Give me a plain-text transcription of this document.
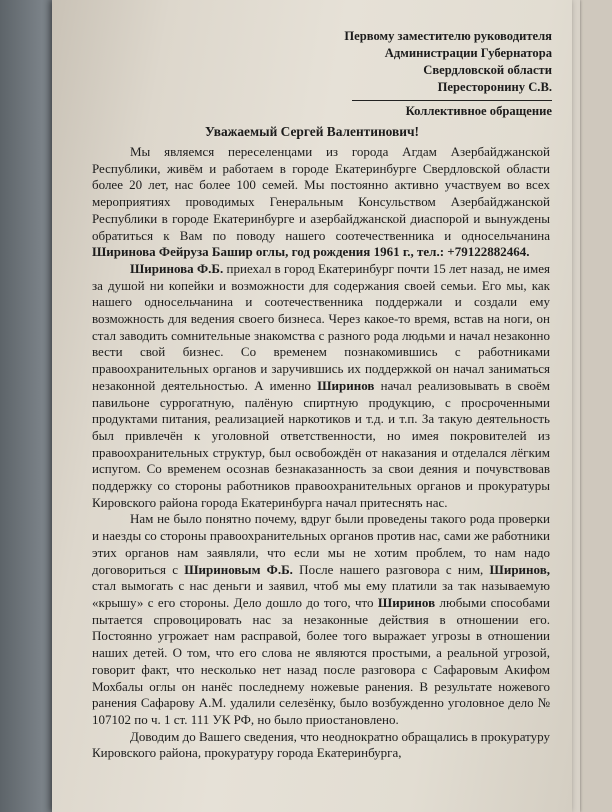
Первому заместителю руководителя
Администрации Губернатора
Свердловской области
Пересторонину С.В.
Коллективное обращение
Уважаемый Сергей Валентинович!

Мы являемся переселенцами из города Агдам Азербайджанской Республики, живём и работаем в городе Екатеринбурге Свердловской области более 20 лет, нас более 100 семей. Мы постоянно активно участвуем во всех мероприятиях проводимых Генеральным Консульством Азербайджанской Республики в городе Екатеринбурге и азербайджанской диаспорой и вынуждены обратиться к Вам по поводу нашего соотечественника и односельчанина Ширинова Фейруза Башир оглы, год рождения 1961 г., тел.: +79122882464.

Ширинова Ф.Б. приехал в город Екатеринбург почти 15 лет назад, не имея за душой ни копейки и возможности для содержания своей семьи. Его мы, как нашего односельчанина и соотечественника поддержали и создали ему возможность для ведения своего бизнеса. Через какое-то время, встав на ноги, он стал заводить сомнительные знакомства с разного рода людьми и начал незаконно вести свой бизнес. Со временем познакомившись с работниками правоохранительных органов и заручившись их поддержкой он начал заниматься незаконной деятельностью. А именно Ширинов начал реализовывать в своём павильоне суррогатную, палёную спиртную продукцию, с просроченными продуктами питания, реализацией наркотиков и т.д. и т.п. За такую деятельность был привлечён к уголовной ответственности, но имея покровителей из правоохранительных структур, был освобождён от наказания и отделался лёгким испугом. Со временем осознав безнаказанность за свои деяния и почувствовав поддержку со стороны работников правоохранительных органов и прокуратуры Кировского района города Екатеринбурга начал притеснять нас.

Нам не было понятно почему, вдруг были проведены такого рода проверки и наезды со стороны правоохранительных органов против нас, сами же работники этих органов нам заявляли, что если мы не хотим проблем, то нам надо договориться с Шириновым Ф.Б. После нашего разговора с ним, Ширинов, стал вымогать с нас деньги и заявил, чтоб мы ему платили за так называемую «крышу» с его стороны. Дело дошло до того, что Ширинов любыми способами пытается спровоцировать нас за незаконные действия в отношении его. Постоянно угрожает нам расправой, более того выражает угрозы в отношении наших детей. О том, что его слова не являются простыми, а реальной угрозой, говорит факт, что несколько нет назад после разговора с Сафаровым Акифом Мохбалы оглы он нанёс последнему ножевые ранения. В результате ножевого ранения Сафарову А.М. удалили селезёнку, было возбужденно уголовное дело № 107102 по ч. 1 ст. 111 УК РФ, но было приостановлено.

Доводим до Вашего сведения, что неоднократно обращались в прокуратуру Кировского района, прокуратуру города Екатеринбурга,
